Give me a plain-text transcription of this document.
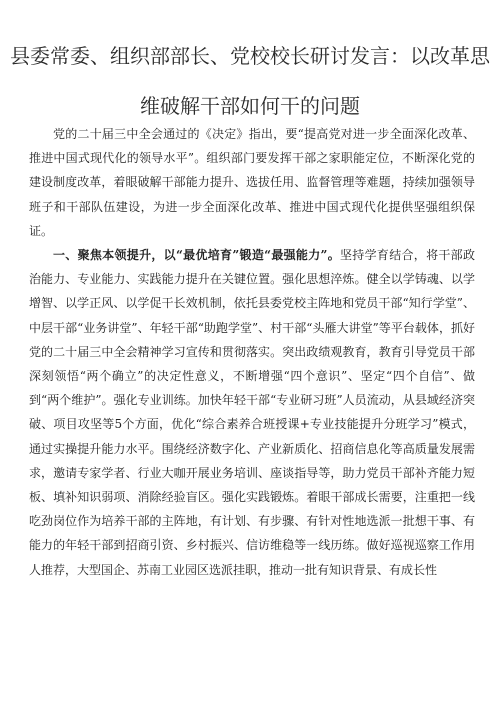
县委常委、组织部部长、党校校长研讨发言：以改革思
维破解干部如何干的问题

党的二十届三中全会通过的《决定》指出，要“提高党对进一步全面深化改革、推进中国式现代化的领导水平”。组织部门要发挥干部之家职能定位，不断深化党的建设制度改革，着眼破解干部能力提升、选拔任用、监督管理等难题，持续加强领导班子和干部队伍建设，为进一步全面深化改革、推进中国式现代化提供坚强组织保证。

一、聚焦本领提升，以“最优培育”锻造“最强能力”。坚持学育结合，将干部政治能力、专业能力、实践能力提升在关键位置。强化思想淬炼。健全以学铸魂、以学增智、以学正风、以学促干长效机制，依托县委党校主阵地和党员干部“知行学堂”、中层干部“业务讲堂”、年轻干部“助跑学堂”、村干部“头雁大讲堂”等平台载体，抓好党的二十届三中全会精神学习宣传和贯彻落实。突出政绩观教育，教育引导党员干部深刻领悟“两个确立”的决定性意义，不断增强“四个意识”、坚定“四个自信”、做到“两个维护”。强化专业训练。加快年轻干部“专业研习班”人员流动，从县域经济突破、项目攻坚等5个方面，优化“综合素养合班授课+专业技能提升分班学习”模式，通过实操提升能力水平。围绕经济数字化、产业新质化、招商信息化等高质量发展需求，邀请专家学者、行业大咖开展业务培训、座谈指导等，助力党员干部补齐能力短板、填补知识弱项、消除经验盲区。强化实践锻炼。着眼干部成长需要，注重把一线吃劲岗位作为培养干部的主阵地，有计划、有步骤、有针对性地选派一批想干事、有能力的年轻干部到招商引资、乡村振兴、信访维稳等一线历练。做好巡视巡察工作用人推荐，大型国企、苏南工业园区选派挂职，推动一批有知识背景、有成长性
